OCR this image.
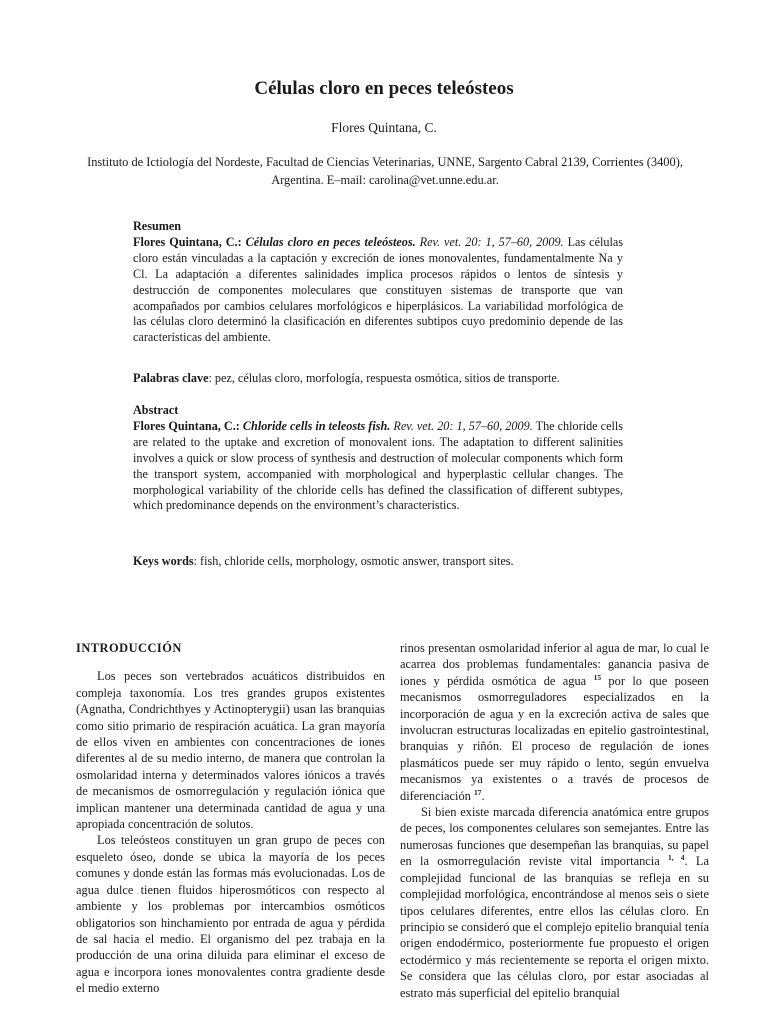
Células cloro en peces teleósteos
Flores Quintana, C.
Instituto de Ictiología del Nordeste, Facultad de Ciencias Veterinarias, UNNE, Sargento Cabral 2139, Corrientes (3400), Argentina. E–mail: carolina@vet.unne.edu.ar.
Resumen
Flores Quintana, C.: Células cloro en peces teleósteos. Rev. vet. 20: 1, 57–60, 2009. Las células cloro están vinculadas a la captación y excreción de iones monovalentes, fundamentalmente Na y Cl. La adaptación a diferentes salinidades implica procesos rápidos o lentos de síntesis y destrucción de componentes moleculares que constituyen sistemas de transporte que van acompañados por cambios celulares morfológicos e hiperplásicos. La variabilidad morfológica de las células cloro determinó la clasificación en diferentes subtipos cuyo predominio depende de las características del ambiente.
Palabras clave: pez, células cloro, morfología, respuesta osmótica, sitios de transporte.
Abstract
Flores Quintana, C.: Chloride cells in teleosts fish. Rev. vet. 20: 1, 57–60, 2009. The chloride cells are related to the uptake and excretion of monovalent ions. The adaptation to different salinities involves a quick or slow process of synthesis and destruction of molecular components which form the transport system, accompanied with morphological and hyperplastic cellular changes. The morphological variability of the chloride cells has defined the classification of different subtypes, which predominance depends on the environment’s characteristics.
Keys words: fish, chloride cells, morphology, osmotic answer, transport sites.
INTRODUCCIÓN

Los peces son vertebrados acuáticos distribuidos en compleja taxonomía. Los tres grandes grupos existentes (Agnatha, Condrichthyes y Actinopterygii) usan las branquias como sitio primario de respiración acuática. La gran mayoría de ellos viven en ambientes con concentraciones de iones diferentes al de su medio interno, de manera que controlan la osmolaridad interna y determinados valores iónicos a través de mecanismos de osmorregulación y regulación iónica que implican mantener una determinada cantidad de agua y una apropiada concentración de solutos.

Los teleósteos constituyen un gran grupo de peces con esqueleto óseo, donde se ubica la mayoría de los peces comunes y donde están las formas más evolucionadas. Los de agua dulce tienen fluidos hiperosmóticos con respecto al ambiente y los problemas por intercambios osmóticos obligatorios son hinchamiento por entrada de agua y pérdida de sal hacia el medio. El organismo del pez trabaja en la producción de una orina diluida para eliminar el exceso de agua e incorpora iones monovalentes contra gradiente desde el medio externo

rinos presentan osmolaridad inferior al agua de mar, lo cual le acarrea dos problemas fundamentales: ganancia pasiva de iones y pérdida osmótica de agua $^{15}$ por lo que poseen mecanismos osmorreguladores especializados en la incorporación de agua y en la excreción activa de sales que involucran estructuras localizadas en epitelio gastrointestinal, branquias y riñón. El proceso de regulación de iones plasmáticos puede ser muy rápido o lento, según envuelva mecanismos ya existentes o a través de procesos de diferenciación $^{17}$.

Si bien existe marcada diferencia anatómica entre grupos de peces, los componentes celulares son semejantes. Entre las numerosas funciones que desempeñan las branquias, su papel en la osmorregulación reviste vital importancia $^{1, 4}$. La complejidad funcional de las branquias se refleja en su complejidad morfológica, encontrándose al menos seis o siete tipos celulares diferentes, entre ellos las células cloro. En principio se consideró que el complejo epitelio branquial tenía origen endodérmico, posteriormente fue propuesto el origen ectodérmico y más recientemente se reporta el origen mixto. Se considera que las células cloro, por estar asociadas al estrato más superficial del epitelio branquial
